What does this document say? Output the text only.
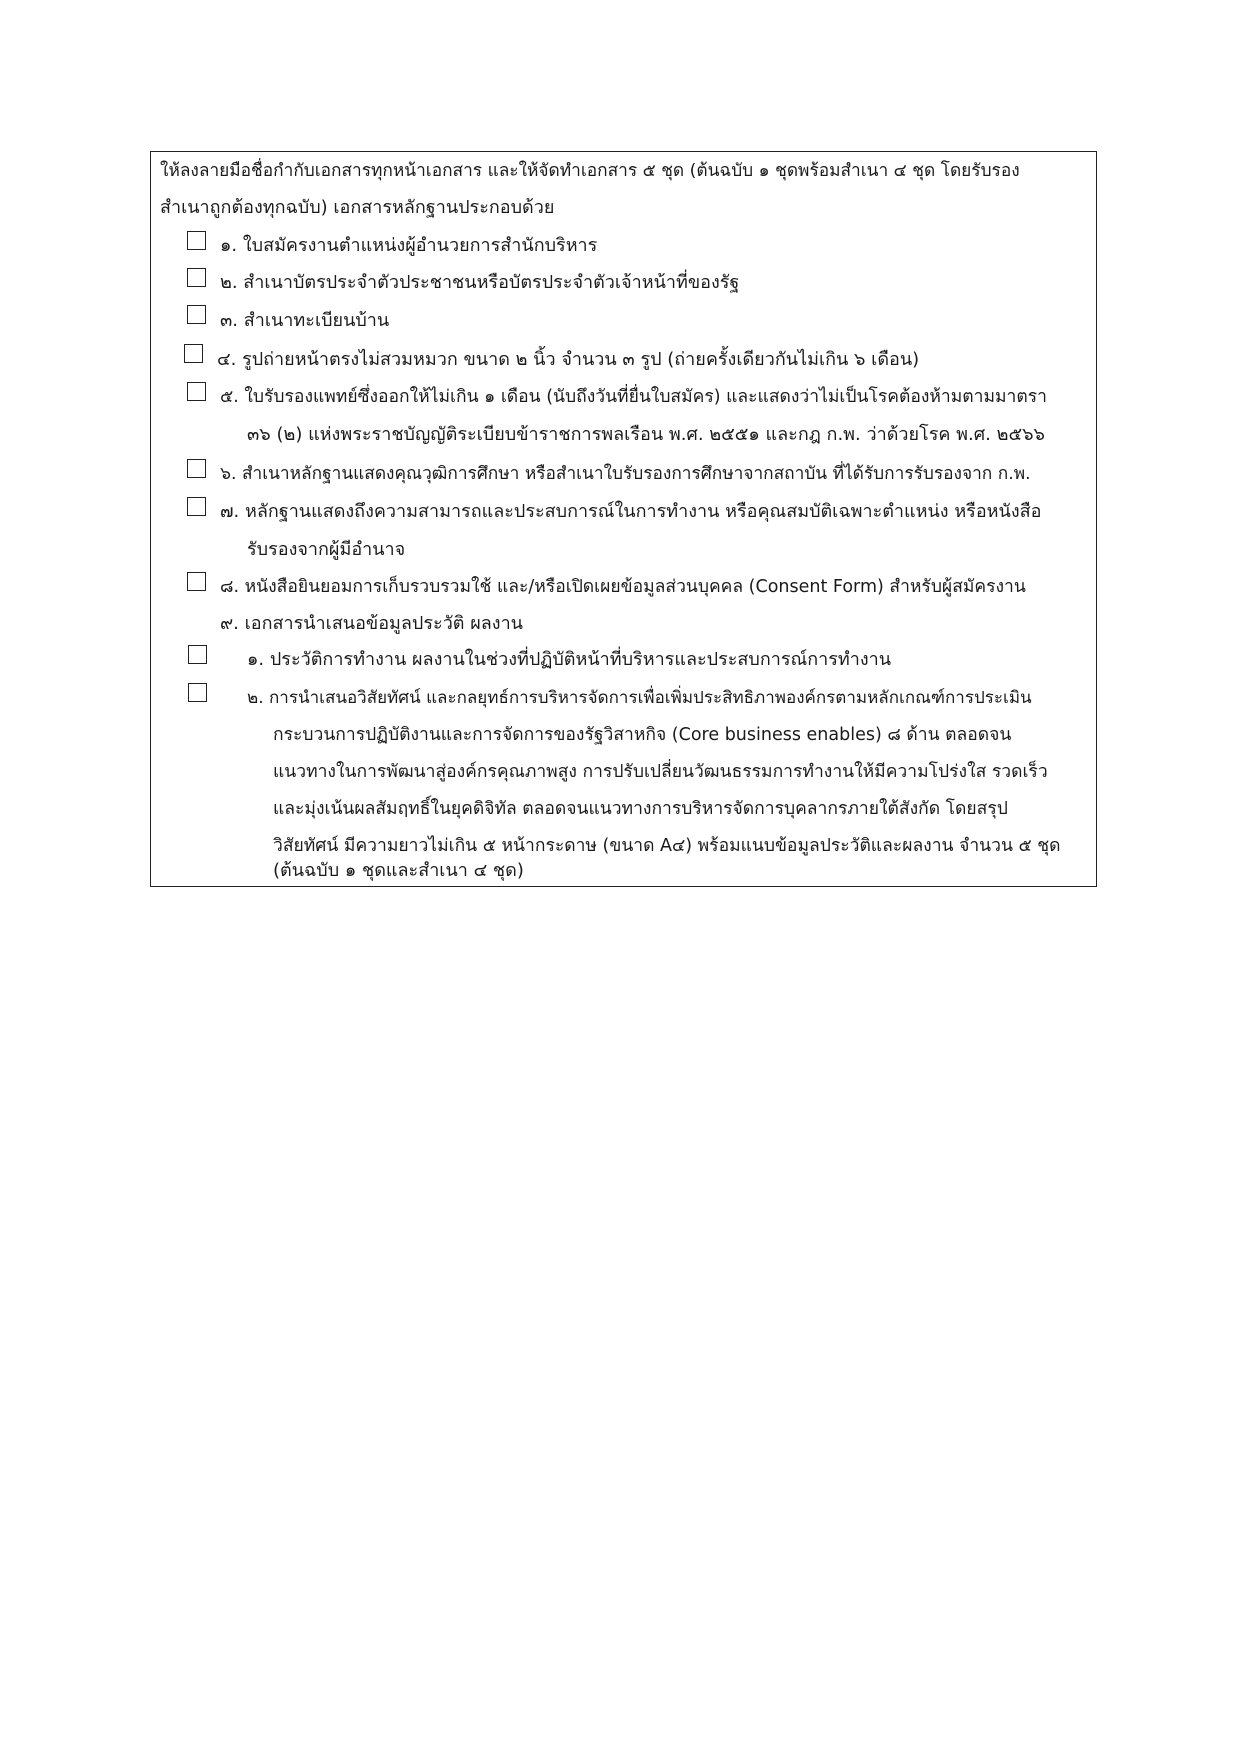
ให้ลงลายมือชื่อกำกับเอกสารทุกหน้าเอกสาร และให้จัดทำเอกสาร ๕ ชุด (ต้นฉบับ ๑ ชุดพร้อมสำเนา ๔ ชุด โดยรับรอง
สำเนาถูกต้องทุกฉบับ) เอกสารหลักฐานประกอบด้วย
๑. ใบสมัครงานตำแหน่งผู้อำนวยการสำนักบริหาร
๒. สำเนาบัตรประจำตัวประชาชนหรือบัตรประจำตัวเจ้าหน้าที่ของรัฐ
๓. สำเนาทะเบียนบ้าน
๔. รูปถ่ายหน้าตรงไม่สวมหมวก ขนาด ๒ นิ้ว จำนวน ๓ รูป (ถ่ายครั้งเดียวกันไม่เกิน ๖ เดือน)
๕. ใบรับรองแพทย์ซึ่งออกให้ไม่เกิน ๑ เดือน (นับถึงวันที่ยื่นใบสมัคร) และแสดงว่าไม่เป็นโรคต้องห้ามตามมาตรา
๓๖ (๒) แห่งพระราชบัญญัติระเบียบข้าราชการพลเรือน พ.ศ. ๒๕๕๑ และกฎ ก.พ. ว่าด้วยโรค พ.ศ. ๒๕๖๖
๖. สำเนาหลักฐานแสดงคุณวุฒิการศึกษา หรือสำเนาใบรับรองการศึกษาจากสถาบัน ที่ได้รับการรับรองจาก ก.พ.
๗. หลักฐานแสดงถึงความสามารถและประสบการณ์ในการทำงาน หรือคุณสมบัติเฉพาะตำแหน่ง หรือหนังสือ
รับรองจากผู้มีอำนาจ
๘. หนังสือยินยอมการเก็บรวบรวมใช้ และ/หรือเปิดเผยข้อมูลส่วนบุคคล (Consent Form) สำหรับผู้สมัครงาน
๙. เอกสารนำเสนอข้อมูลประวัติ ผลงาน
๑. ประวัติการทำงาน ผลงานในช่วงที่ปฏิบัติหน้าที่บริหารและประสบการณ์การทำงาน
๒. การนำเสนอวิสัยทัศน์ และกลยุทธ์การบริหารจัดการเพื่อเพิ่มประสิทธิภาพองค์กรตามหลักเกณฑ์การประเมิน
กระบวนการปฏิบัติงานและการจัดการของรัฐวิสาหกิจ (Core business enables) ๘ ด้าน ตลอดจน
แนวทางในการพัฒนาสู่องค์กรคุณภาพสูง การปรับเปลี่ยนวัฒนธรรมการทำงานให้มีความโปร่งใส รวดเร็ว
และมุ่งเน้นผลสัมฤทธิ์ในยุคดิจิทัล ตลอดจนแนวทางการบริหารจัดการบุคลากรภายใต้สังกัด โดยสรุป
วิสัยทัศน์ มีความยาวไม่เกิน ๕ หน้ากระดาษ (ขนาด A๔) พร้อมแนบข้อมูลประวัติและผลงาน จำนวน ๕ ชุด
(ต้นฉบับ ๑ ชุดและสำเนา ๔ ชุด)
